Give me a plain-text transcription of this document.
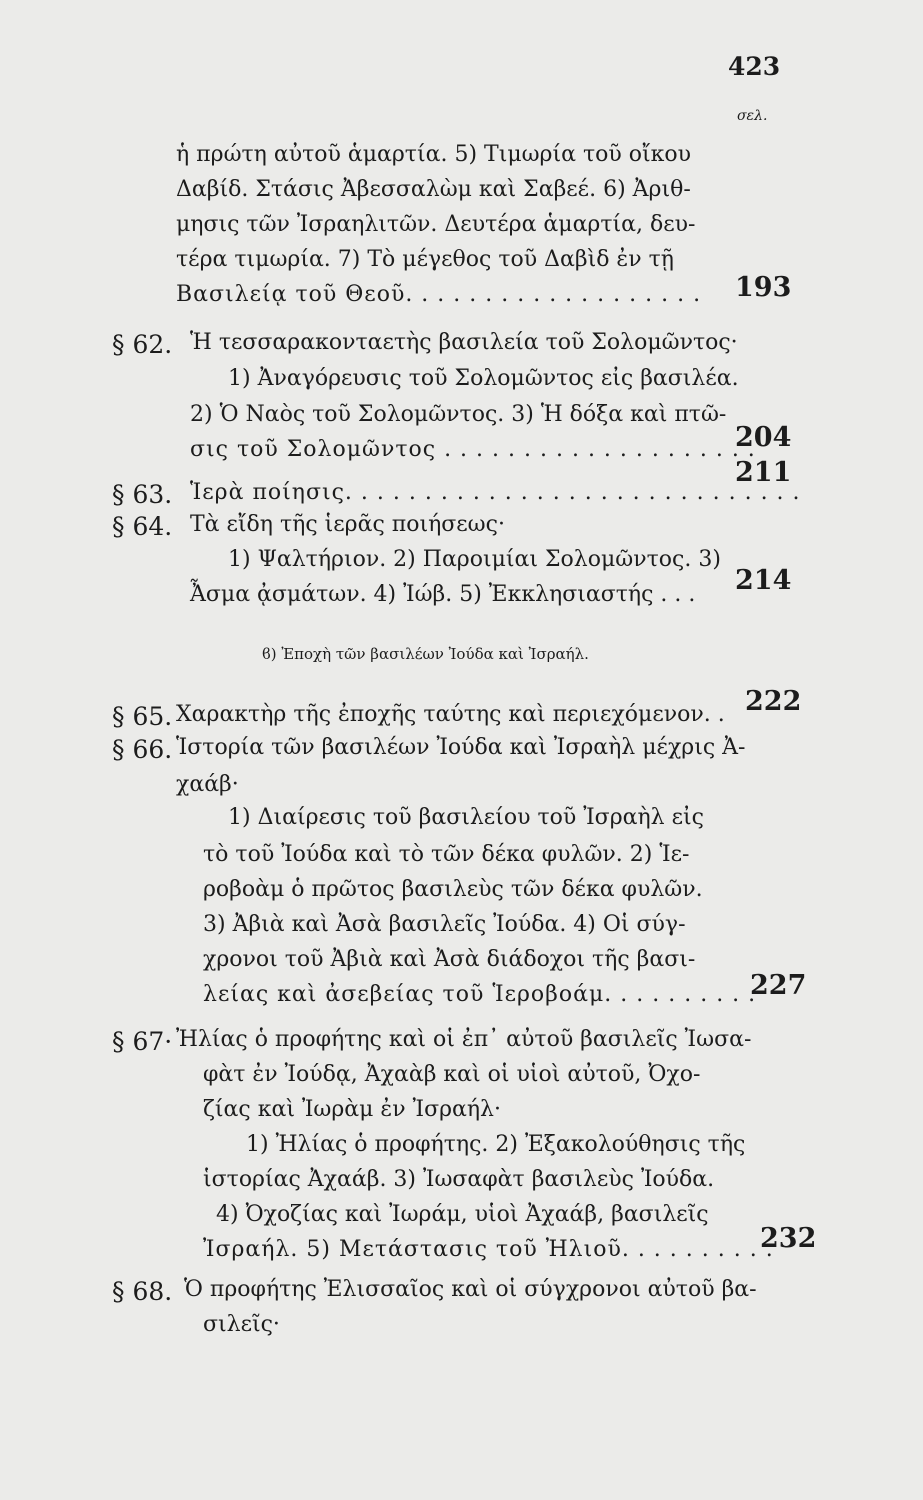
423
σελ.
§ 62.
§ 63.
§ 64.
§ 65.
§ 66.
§ 67·
§ 68.
ἡ πρώτη αὐτοῦ ἁμαρτία. 5) Τιμωρία τοῦ οἴκου
Δαβίδ. Στάσις Ἀβεσσαλὼμ καὶ Σαβεέ. 6) Ἀριθ-
μησις τῶν Ἰσραηλιτῶν. Δευτέρα ἁμαρτία, δευ-
τέρα τιμωρία. 7) Τὸ μέγεθος τοῦ Δαβὶδ ἐν τῇ
Βασιλείᾳ τοῦ Θεοῦ. . . . . . . . . . . . . . . . . . .
Ἡ τεσσαρακονταετὴς βασιλεία τοῦ Σολομῶντος·
1) Ἀναγόρευσις τοῦ Σολομῶντος εἰς βασιλέα.
2) Ὁ Ναὸς τοῦ Σολομῶντος. 3) Ἡ δόξα καὶ πτῶ-
σις τοῦ Σολομῶντος . . . . . . . . . . . . . . . . . . . .
Ἱερὰ ποίησις. . . . . . . . . . . . . . . . . . . . . . . . . . . . .
Τὰ εἴδη τῆς ἱερᾶς ποιήσεως·
1) Ψαλτήριον. 2) Παροιμίαι Σολομῶντος. 3)
Ἆσμα ᾀσμάτων. 4) Ἰώβ. 5) Ἐκκλησιαστής . . .
ϐ) Ἐποχὴ τῶν βασιλέων Ἰούδα καὶ Ἰσραήλ.
Χαρακτὴρ τῆς ἐποχῆς ταύτης καὶ περιεχόμενον. .
Ἱστορία τῶν βασιλέων Ἰούδα καὶ Ἰσραὴλ μέχρις Ἀ-
χαάβ·
1) Διαίρεσις τοῦ βασιλείου τοῦ Ἰσραὴλ εἰς
τὸ τοῦ Ἰούδα καὶ τὸ τῶν δέκα φυλῶν. 2) Ἱε-
ροβοὰμ ὁ πρῶτος βασιλεὺς τῶν δέκα φυλῶν.
3) Ἀβιὰ καὶ Ἀσὰ βασιλεῖς Ἰούδα. 4) Οἱ σύγ-
χρονοι τοῦ Ἀβιὰ καὶ Ἀσὰ διάδοχοι τῆς βασι-
λείας καὶ ἀσεβείας τοῦ Ἱεροβοάμ. . . . . . . . . .
Ἠλίας ὁ προφήτης καὶ οἱ ἐπ᾿ αὐτοῦ βασιλεῖς Ἰωσα-
φὰτ ἐν Ἰούδᾳ, Ἀχαὰβ καὶ οἱ υἱοὶ αὐτοῦ, Ὀχο-
ζίας καὶ Ἰωρὰμ ἐν Ἰσραήλ·
1) Ἠλίας ὁ προφήτης. 2) Ἐξακολούθησις τῆς
ἱστορίας Ἀχαάβ. 3) Ἰωσαφὰτ βασιλεὺς Ἰούδα.
4) Ὀχοζίας καὶ Ἰωράμ, υἱοὶ Ἀχαάβ, βασιλεῖς
Ἰσραήλ. 5) Μετάστασις τοῦ Ἠλιοῦ. . . . . . . . . .
Ὁ προφήτης Ἐλισσαῖος καὶ οἱ σύγχρονοι αὐτοῦ βα-
σιλεῖς·
193
204
211
214
222
227
232
